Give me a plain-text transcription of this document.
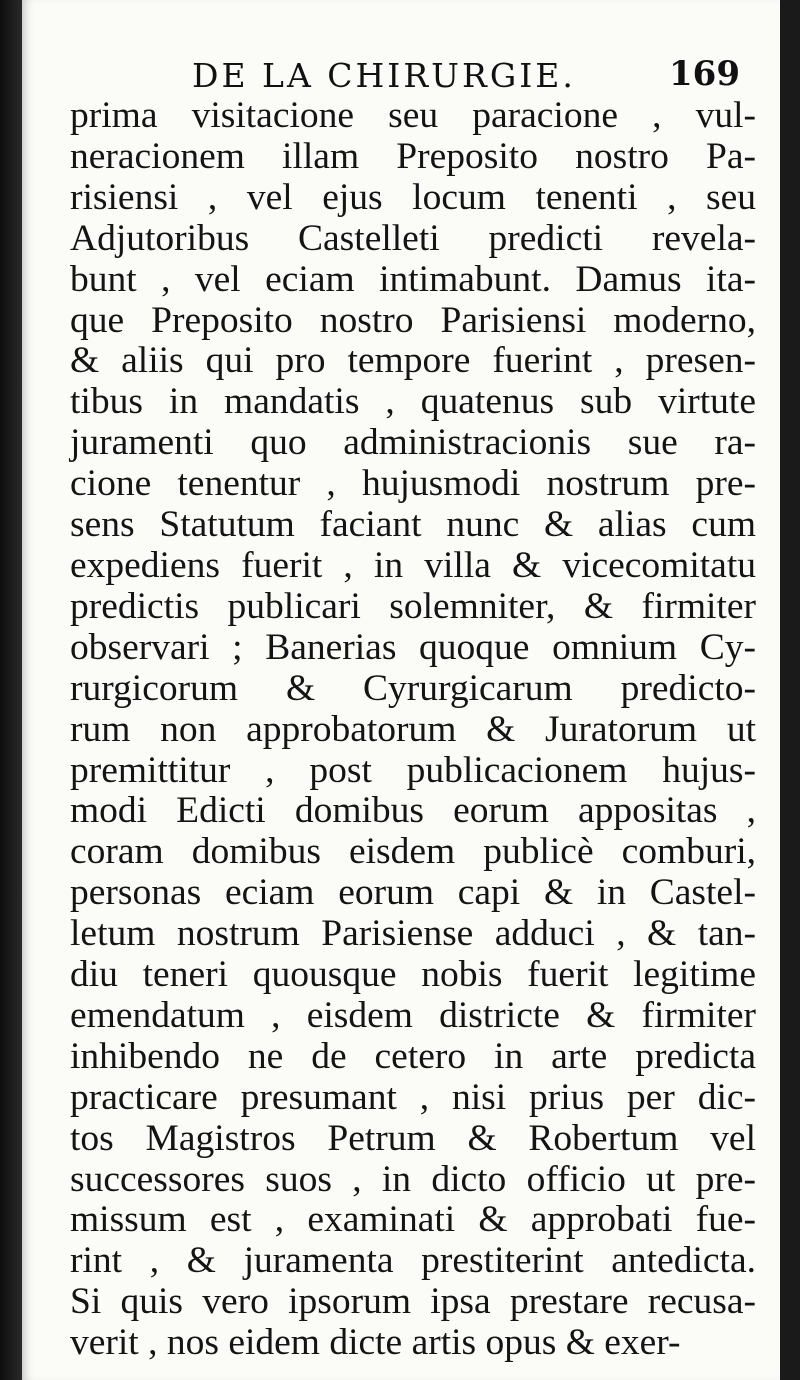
DE LA CHIRURGIE.	169
prima visitacione seu paracione , vul-
neracionem illam Preposito nostro Pa-
risiensi , vel ejus locum tenenti , seu
Adjutoribus Castelleti predicti revela-
bunt , vel eciam intimabunt. Damus ita-
que Preposito nostro Parisiensi moderno,
& aliis qui pro tempore fuerint , presen-
tibus in mandatis , quatenus sub virtute
juramenti quo administracionis sue ra-
cione tenentur , hujusmodi nostrum pre-
sens Statutum faciant nunc & alias cum
expediens fuerit , in villa & vicecomitatu
predictis publicari solemniter, & firmiter
observari ; Banerias quoque omnium Cy-
rurgicorum & Cyrurgicarum predicto-
rum non approbatorum & Juratorum ut
premittitur , post publicacionem hujus-
modi Edicti domibus eorum appositas ,
coram domibus eisdem publicè comburi,
personas eciam eorum capi & in Castel-
letum nostrum Parisiense adduci , & tan-
diu teneri quousque nobis fuerit legitime
emendatum , eisdem districte & firmiter
inhibendo ne de cetero in arte predicta
practicare presumant , nisi prius per dic-
tos Magistros Petrum & Robertum vel
successores suos , in dicto officio ut pre-
missum est , examinati & approbati fue-
rint , & juramenta prestiterint antedicta.
Si quis vero ipsorum ipsa prestare recusa-
verit , nos eidem dicte artis opus & exer-
